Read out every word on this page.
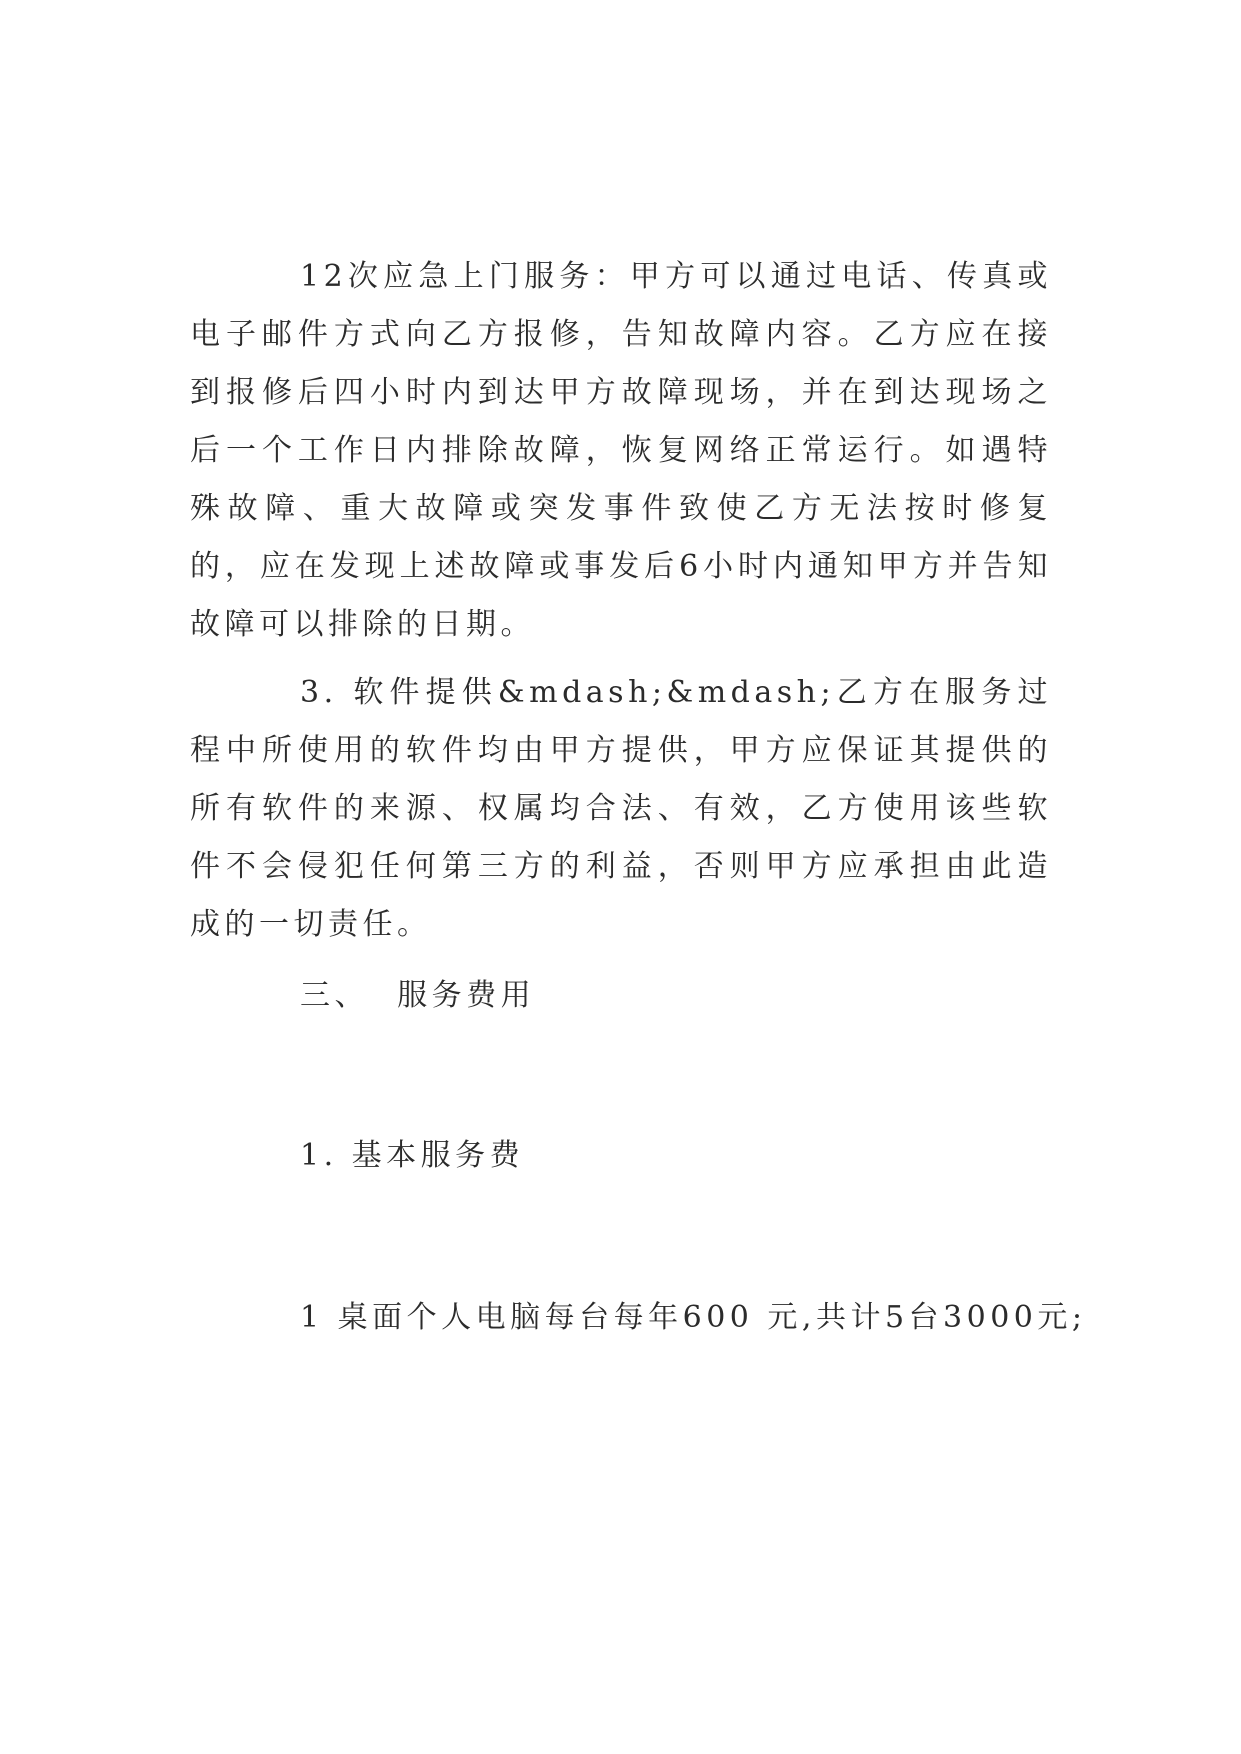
12次应急上门服务：甲方可以通过电话、传真或电子邮件方式向乙方报修，告知故障内容。乙方应在接到报修后四小时内到达甲方故障现场，并在到达现场之后一个工作日内排除故障，恢复网络正常运行。如遇特殊故障、重大故障或突发事件致使乙方无法按时修复的，应在发现上述故障或事发后6小时内通知甲方并告知故障可以排除的日期。

3. 软件提供&mdash;&mdash;乙方在服务过程中所使用的软件均由甲方提供，甲方应保证其提供的所有软件的来源、权属均合法、有效，乙方使用该些软件不会侵犯任何第三方的利益，否则甲方应承担由此造成的一切责任。

三、  服务费用

1. 基本服务费

1 桌面个人电脑每台每年600 元,共计5台3000元;
